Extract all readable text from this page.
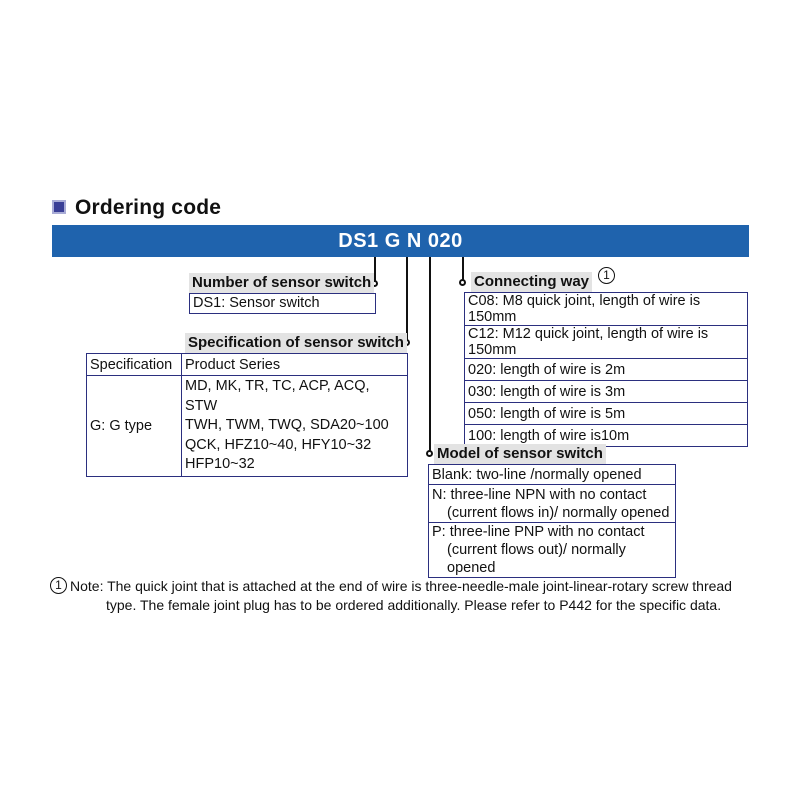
Ordering code
DS1 G N 020
Number of sensor switch
DS1: Sensor switch
Specification of sensor switch
Specification	Product Series
G: G type	MD, MK, TR, TC, ACP, ACQ, STW
TWH, TWM, TWQ, SDA20~100
QCK, HFZ10~40, HFY10~32
HFP10~32
Connecting way	1
C08: M8 quick joint, length of wire is 150mm
C12: M12 quick joint, length of wire is 150mm
020: length of wire is 2m
030: length of wire is 3m
050: length of wire is 5m
100: length of wire is10m
Model of sensor switch
Blank: two-line /normally opened

N: three-line NPN with no contact
(current flows in)/ normally opened

P: three-line PNP with no contact
(current flows out)/ normally opened
1 Note: The quick joint that is attached at the end of wire is three-needle-male joint-linear-rotary screw thread
type. The female joint plug has to be ordered additionally. Please refer to P442 for the specific data.
